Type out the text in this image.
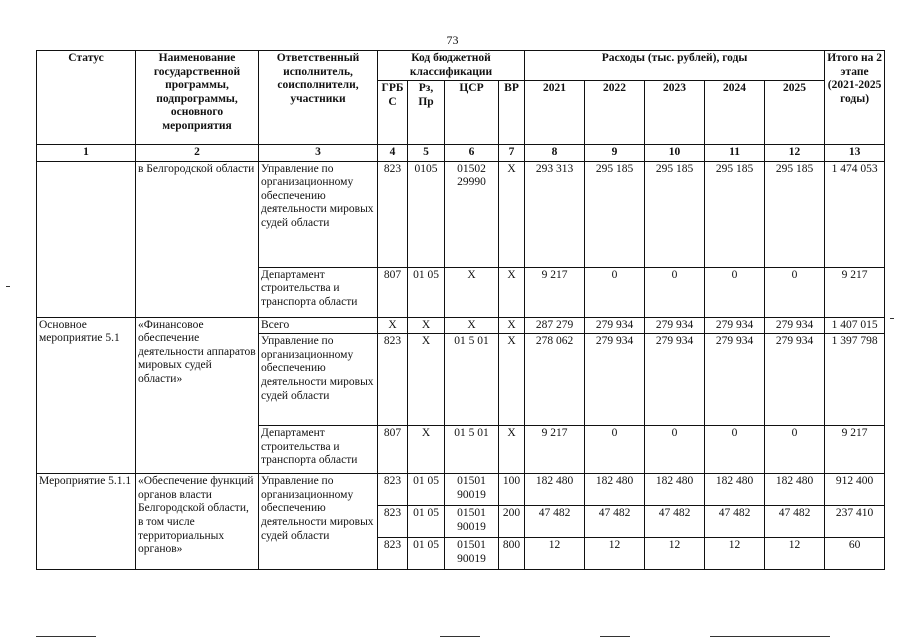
73
Статус	Наименование государственной программы, подпрограммы, основного мероприятия	Ответственный исполнитель, соисполнители, участники	Код бюджетной классификации				Расходы (тыс. рублей), годы					Итого на 2 этапе (2021-2025 годы)
			ГРБ С	Рз, Пр	ЦСР	ВР	2021	2022	2023	2024	2025	
1	2	3	4	5	6	7	8	9	10	11	12	13
	в Белгородской области	Управление по организационному обеспечению деятельности мировых судей области	823	0105	01502 29990	Х	293 313	295 185	295 185	295 185	295 185	1 474 053
		Департамент строительства и транспорта области	807	01 05	Х	Х	9 217	0	0	0	0	9 217
Основное мероприятие 5.1	«Финансовое обеспечение деятельности аппаратов мировых судей области»	Всего	Х	Х	Х	Х	287 279	279 934	279 934	279 934	279 934	1 407 015
		Управление по организационному обеспечению деятельности мировых судей области	823	Х	01 5 01	Х	278 062	279 934	279 934	279 934	279 934	1 397 798
		Департамент строительства и транспорта области	807	Х	01 5 01	Х	9 217	0	0	0	0	9 217
Мероприятие 5.1.1	«Обеспечение функций органов власти Белгородской области, в том числе территориальных органов»	Управление по организационному обеспечению деятельности мировых судей области	823	01 05	01501 90019	100	182 480	182 480	182 480	182 480	182 480	912 400
			823	01 05	01501 90019	200	47 482	47 482	47 482	47 482	47 482	237 410
			823	01 05	01501 90019	800	12	12	12	12	12	60
